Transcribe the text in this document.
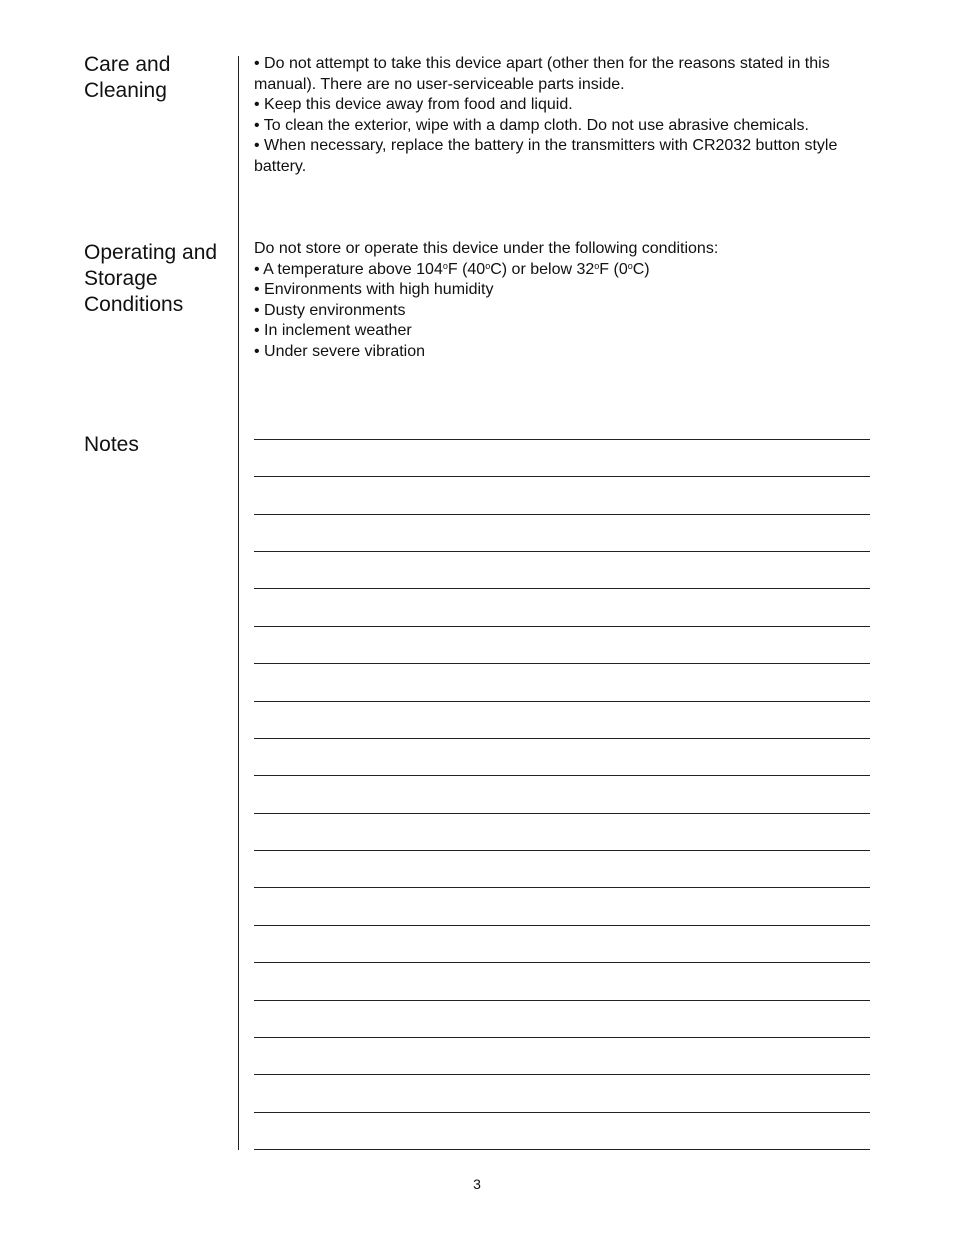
Care and
Cleaning

• Do not attempt to take this device apart (other then for the reasons stated in this manual). There are no user-serviceable parts inside.

• Keep this device away from food and liquid.

• To clean the exterior, wipe with a damp cloth. Do not use abrasive chemicals.

• When necessary, replace the battery in the transmitters with CR2032 button style battery.

Operating and
Storage
Conditions

Do not store or operate this device under the following conditions:

• A temperature above 104$^o$F (40$^o$C) or below 32$^o$F (0$^o$C)

• Environments with high humidity

• Dusty environments

• In inclement weather

• Under severe vibration

Notes
3
